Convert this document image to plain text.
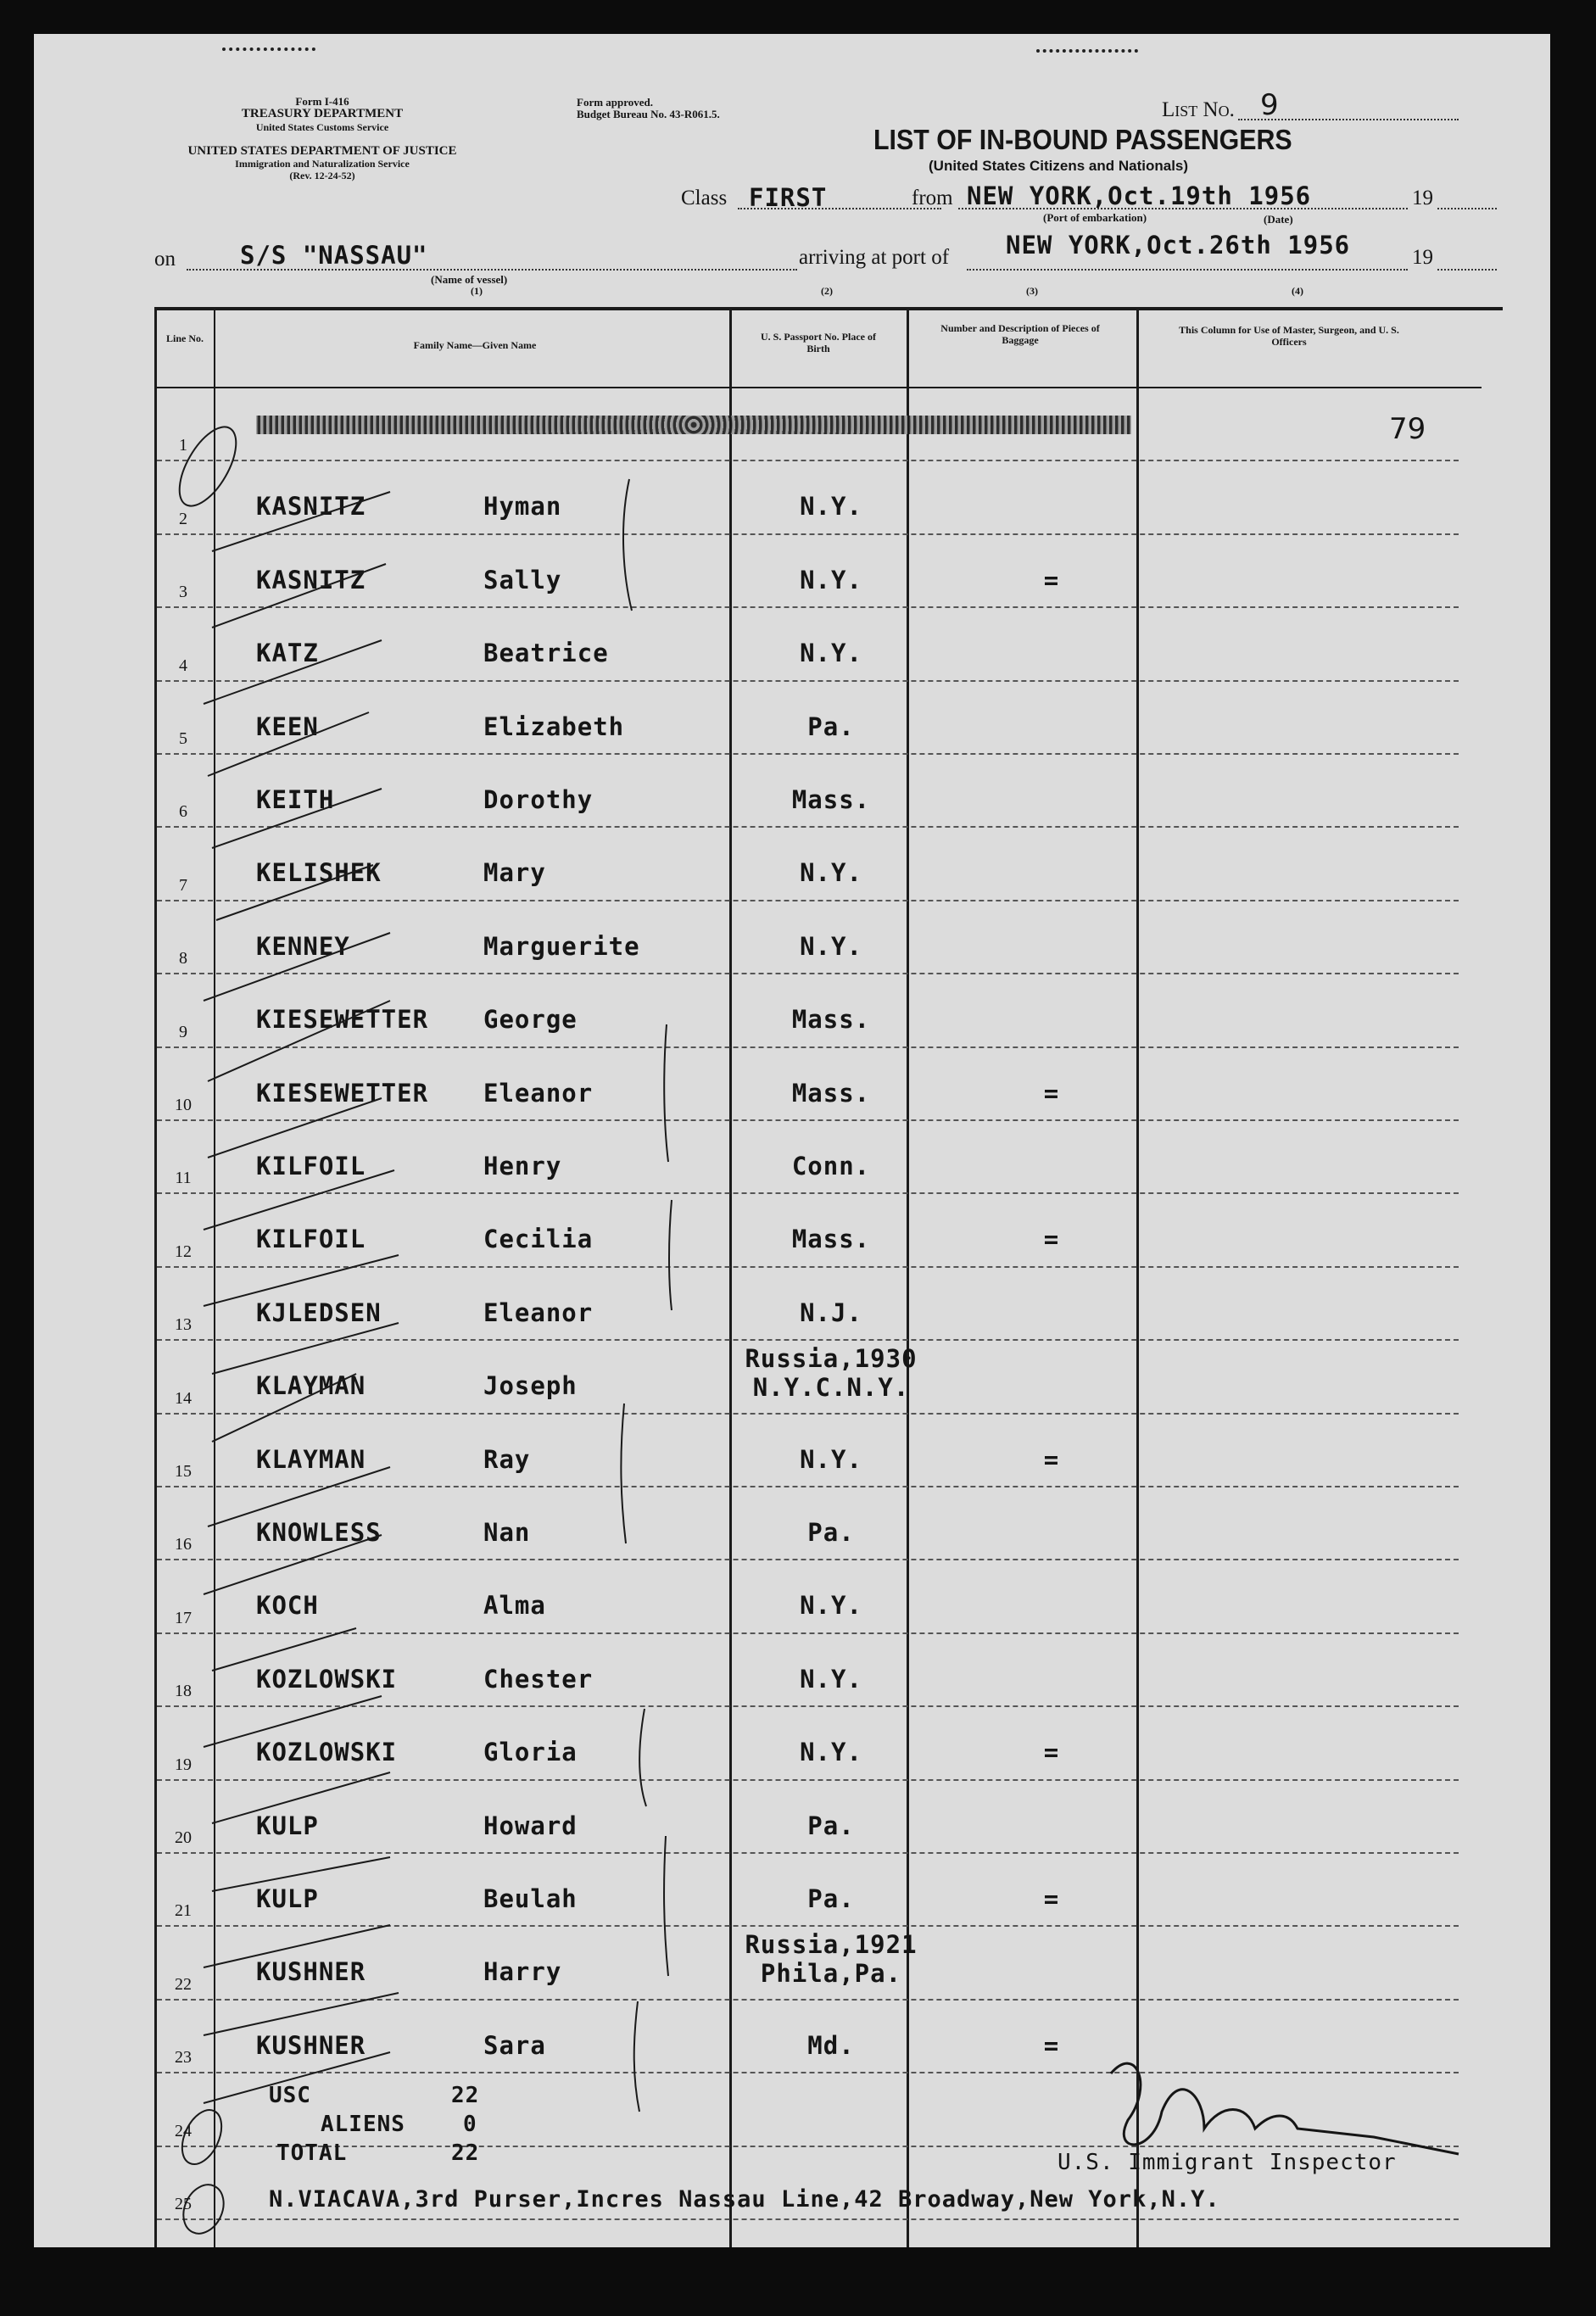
Form I-416
TREASURY DEPARTMENT
United States Customs Service
UNITED STATES DEPARTMENT OF JUSTICE
Immigration and Naturalization Service
(Rev. 12-24-52)
Form approved.
Budget Bureau No. 43-R061.5.	List No. 9
LIST OF IN-BOUND PASSENGERS
(United States Citizens and Nationals)
Class FIRST	from NEW YORK,Oct.19th 1956	19
(Port of embarkation)	(Date)
on	S/S "NASSAU"	arriving at port of NEW YORK,Oct.26th 1956	19
(Name of vessel)
(1)	(2)	(3)	(4)
Line No.
Family Name—Given Name
U. S. Passport No. Place of Birth
Number and Description of Pieces of Baggage
This Column for Use of Master, Surgeon, and U. S. Officers
79
1
2	KASNITZ	Hyman	N.Y.
3	KASNITZ	Sally	N.Y.	=
4	KATZ	Beatrice	N.Y.
5	KEEN	Elizabeth	Pa.
6	KEITH	Dorothy	Mass.
7	KELISHEK	Mary	N.Y.
8	KENNEY	Marguerite	N.Y.
9	KIESEWETTER George	Mass.
10	KIESEWETTER Eleanor	Mass.	=
11	KILFOIL	Henry	Conn.
12	KILFOIL	Cecilia	Mass.	=
13	KJLEDSEN	Eleanor	N.J.
14	KLAYMAN	Joseph
Russia,1930
N.Y.C.N.Y.
15	KLAYMAN	Ray	N.Y.	=
16	KNOWLESS	Nan	Pa.
17	KOCH	Alma	N.Y.
18	KOZLOWSKI	Chester	N.Y.
19	KOZLOWSKI	Gloria	N.Y.	=
20	KULP	Howard	Pa.
21	KULP	Beulah	Pa.	=
22	KUSHNER	Harry
Russia,1921
Phila,Pa.
23	KUSHNER	Sara	Md.	=
24
25
USC	22
ALIENS	0
TOTAL	22	U.S. Immigrant Inspector
N.VIACAVA,3rd Purser,Incres Nassau Line,42 Broadway,New York,N.Y.
